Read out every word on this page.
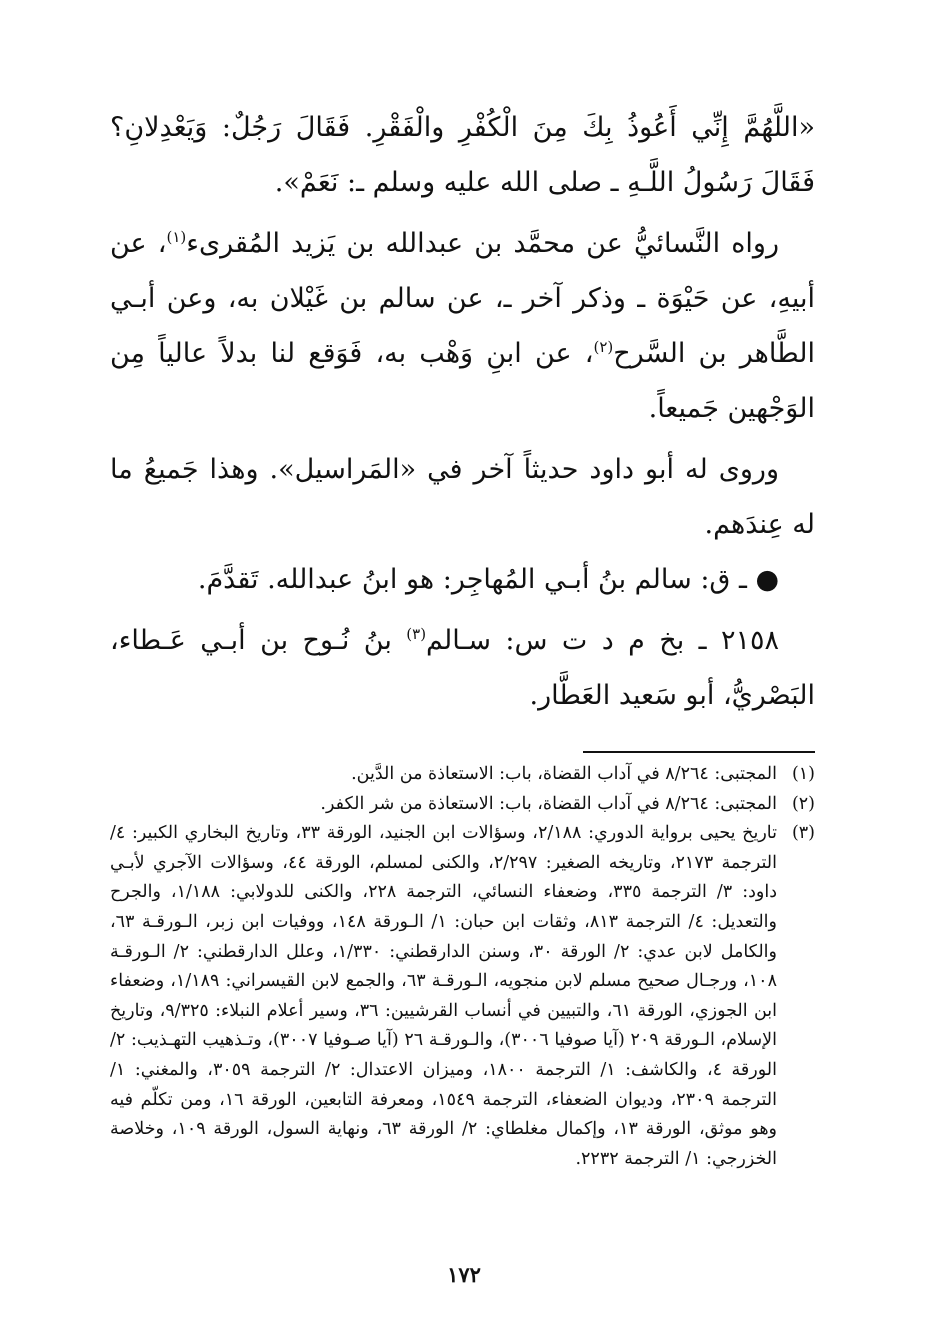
«اللَّهُمَّ إِنِّي أَعُوذُ بِكَ مِنَ الْكُفْرِ والْفَقْرِ. فَقَالَ رَجُلٌ: وَيَعْدِلانِ؟ فَقَالَ رَسُولُ اللَّـهِ ـ صلى الله عليه وسلم ـ: نَعَمْ».

رواه النَّسائيُّ عن محمَّد بن عبدالله بن يَزيد المُقرىء$^{(١)}$، عن أبيهِ، عن حَيْوَة ـ وذكر آخر ـ، عن سالم بن غَيْلان به، وعن أبـي الطَّاهر بن السَّرح$^{(٢)}$، عن ابنِ وَهْب به، فَوَقع لنا بدلاً عالياً مِن الوَجْهين جَميعاً.

وروى له أبو داود حديثاً آخر في «المَراسيل». وهذا جَميعُ ما له عِندَهم.

● ـ ق: سالم بنُ أبـي المُهاجِر: هو ابنُ عبدالله. تَقدَّمَ.

٢١٥٨ ـ بخ م د ت س: سـالم$^{(٣)}$ بنُ نُـوح بن أبـي عَـطاء، البَصْريُّ، أبو سَعيد العَطَّار.

(١)
المجتبى: ٨/٢٦٤ في آداب القضاة، باب: الاستعاذة من الدَّين.
(٢)
المجتبى: ٨/٢٦٤ في آداب القضاة، باب: الاستعاذة من شر الكفر.
(٣)
تاريخ يحيى برواية الدوري: ٢/١٨٨، وسؤالات ابن الجنيد، الورقة ٣٣، وتاريخ البخاري الكبير: ٤/ الترجمة ٢١٧٣، وتاريخه الصغير: ٢/٢٩٧، والكنى لمسلم، الورقة ٤٤، وسؤالات الآجري لأبـي داود: ٣/ الترجمة ٣٣٥، وضعفاء النسائي، الترجمة ٢٢٨، والكنى للدولابي: ١/١٨٨، والجرح والتعديل: ٤/ الترجمة ٨١٣، وثقات ابن حبان: ١/ الـورقة ١٤٨، ووفيات ابن زبر، الـورقـة ٦٣، والكامل لابن عدي: ٢/ الورقة ٣٠، وسنن الدارقطني: ١/٣٣٠، وعلل الدارقطني: ٢/ الـورقـة ١٠٨، ورجـال صحيح مسلم لابن منجويه، الـورقـة ٦٣، والجمع لابن القيسراني: ١/١٨٩، وضعفاء ابن الجوزي، الورقة ٦١، والتبيين في أنساب القرشيين: ٣٦، وسير أعلام النبلاء: ٩/٣٢٥، وتاريخ الإسلام، الـورقة ٢٠٩ (آيا صوفيا ٣٠٠٦)، والـورقـة ٢٦ (آيا صـوفيا ٣٠٠٧)، وتـذهيب التهـذيب: ٢/ الورقة ٤، والكاشف: ١/ الترجمة ١٨٠٠، وميزان الاعتدال: ٢/ الترجمة ٣٠٥٩، والمغني: ١/ الترجمة ٢٣٠٩، وديوان الضعفاء، الترجمة ١٥٤٩، ومعرفة التابعين، الورقة ١٦، ومن تكلّم فيه وهو موثق، الورقة ١٣، وإكمال مغلطاي: ٢/ الورقة ٦٣، ونهاية السول، الورقة ١٠٩، وخلاصة الخزرجي: ١/ الترجمة ٢٢٣٢.
١٧٢
